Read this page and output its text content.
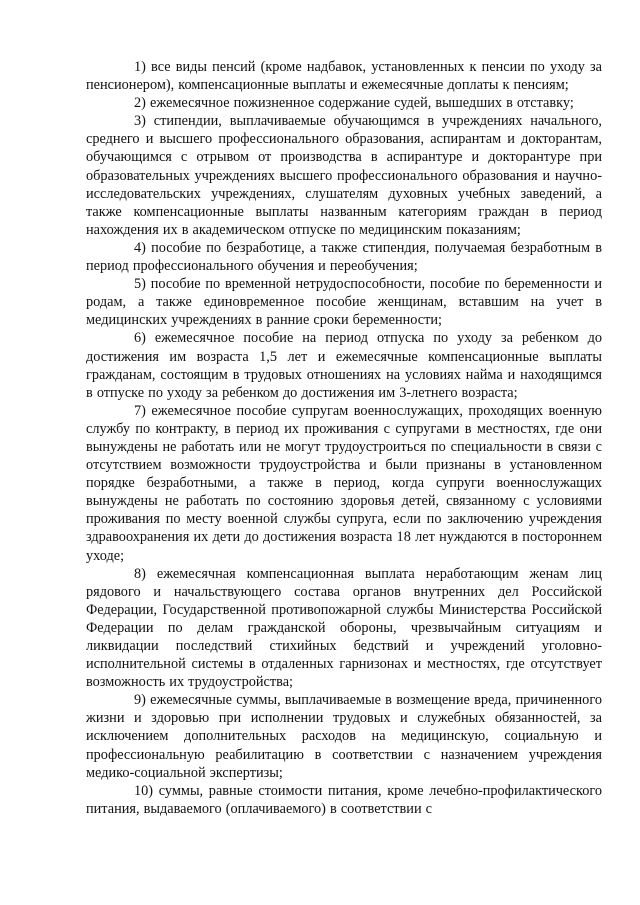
1) все виды пенсий (кроме надбавок, установленных к пенсии по уходу за пенсионером), компенсационные выплаты и ежемесячные доплаты к пенсиям;

2) ежемесячное пожизненное содержание судей, вышедших в отставку;

3) стипендии, выплачиваемые обучающимся в учреждениях начального, среднего и высшего профессионального образования, аспирантам и докторантам, обучающимся с отрывом от производства в аспирантуре и докторантуре при образовательных учреждениях высшего профессионального образования и научно-исследовательских учреждениях, слушателям духовных учебных заведений, а также компенсационные выплаты названным категориям граждан в период нахождения их в академическом отпуске по медицинским показаниям;

4) пособие по безработице, а также стипендия, получаемая безработным в период профессионального обучения и переобучения;

5) пособие по временной нетрудоспособности, пособие по беременности и родам, а также единовременное пособие женщинам, вставшим на учет в медицинских учреждениях в ранние сроки беременности;

6) ежемесячное пособие на период отпуска по уходу за ребенком до достижения им возраста 1,5 лет и ежемесячные компенсационные выплаты гражданам, состоящим в трудовых отношениях на условиях найма и находящимся в отпуске по уходу за ребенком до достижения им 3-летнего возраста;

7) ежемесячное пособие супругам военнослужащих, проходящих военную службу по контракту, в период их проживания с супругами в местностях, где они вынуждены не работать или не могут трудоустроиться по специальности в связи с отсутствием возможности трудоустройства и были признаны в установленном порядке безработными, а также в период, когда супруги военнослужащих вынуждены не работать по состоянию здоровья детей, связанному с условиями проживания по месту военной службы супруга, если по заключению учреждения здравоохранения их дети до достижения возраста 18 лет нуждаются в постороннем уходе;

8) ежемесячная компенсационная выплата неработающим женам лиц рядового и начальствующего состава органов внутренних дел Российской Федерации, Государственной противопожарной службы Министерства Российской Федерации по делам гражданской обороны, чрезвычайным ситуациям и ликвидации последствий стихийных бедствий и учреждений уголовно-исполнительной системы в отдаленных гарнизонах и местностях, где отсутствует возможность их трудоустройства;

9) ежемесячные суммы, выплачиваемые в возмещение вреда, причиненного жизни и здоровью при исполнении трудовых и служебных обязанностей, за исключением дополнительных расходов на медицинскую, социальную и профессиональную реабилитацию в соответствии с назначением учреждения медико-социальной экспертизы;

10) суммы, равные стоимости питания, кроме лечебно-профилактического питания, выдаваемого (оплачиваемого) в соответствии с
